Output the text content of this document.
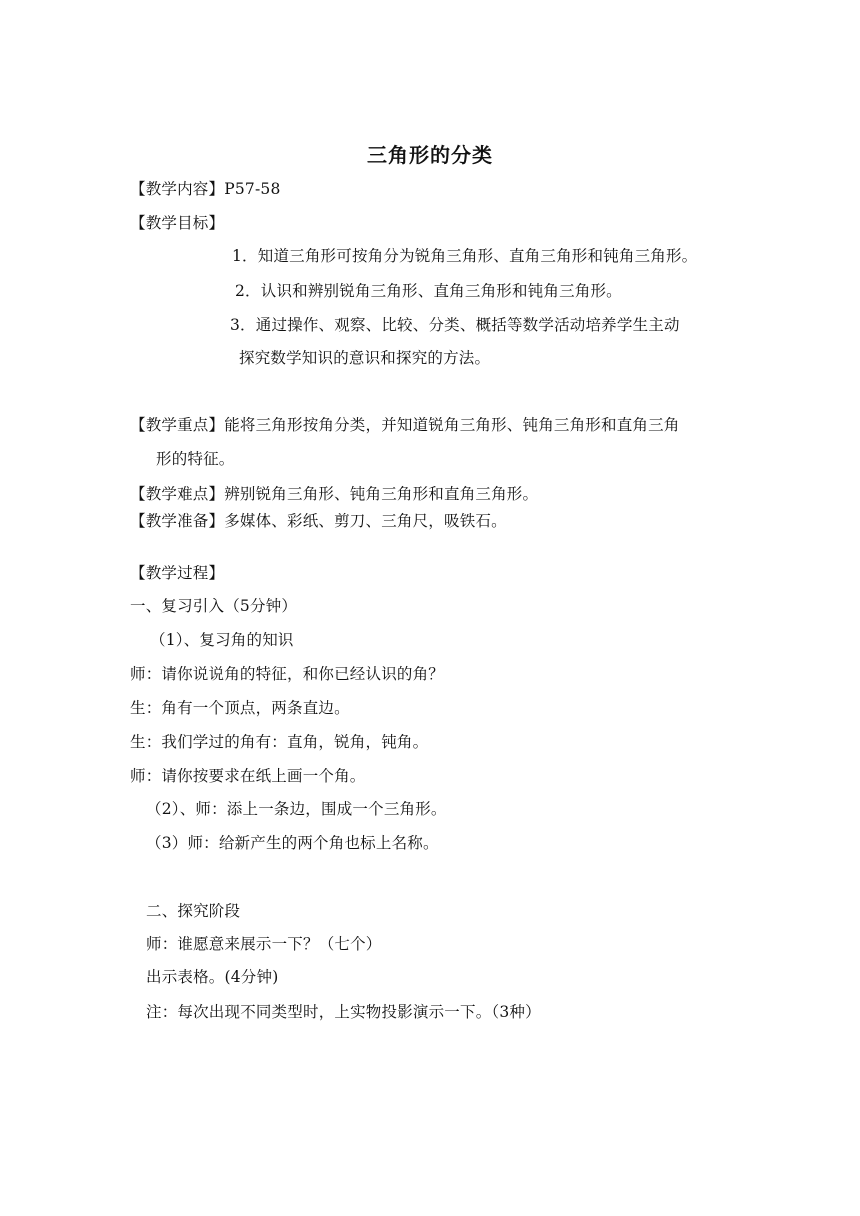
三角形的分类
【教学内容】P57-58
【教学目标】
1．知道三角形可按角分为锐角三角形、直角三角形和钝角三角形。
2．认识和辨别锐角三角形、直角三角形和钝角三角形。
3．通过操作、观察、比较、分类、概括等数学活动培养学生主动
探究数学知识的意识和探究的方法。
【教学重点】能将三角形按角分类，并知道锐角三角形、钝角三角形和直角三角
形的特征。
【教学难点】辨别锐角三角形、钝角三角形和直角三角形。
【教学准备】多媒体、彩纸、剪刀、三角尺，吸铁石。
【教学过程】
一、复习引入（5分钟）
（1）、复习角的知识
师：请你说说角的特征，和你已经认识的角？
生：角有一个顶点，两条直边。
生：我们学过的角有：直角，锐角，钝角。
师：请你按要求在纸上画一个角。
（2）、师：添上一条边，围成一个三角形。
（3）师：给新产生的两个角也标上名称。
二、探究阶段
师：谁愿意来展示一下？（七个）
出示表格。(4分钟)
注：每次出现不同类型时，上实物投影演示一下。（3种）
